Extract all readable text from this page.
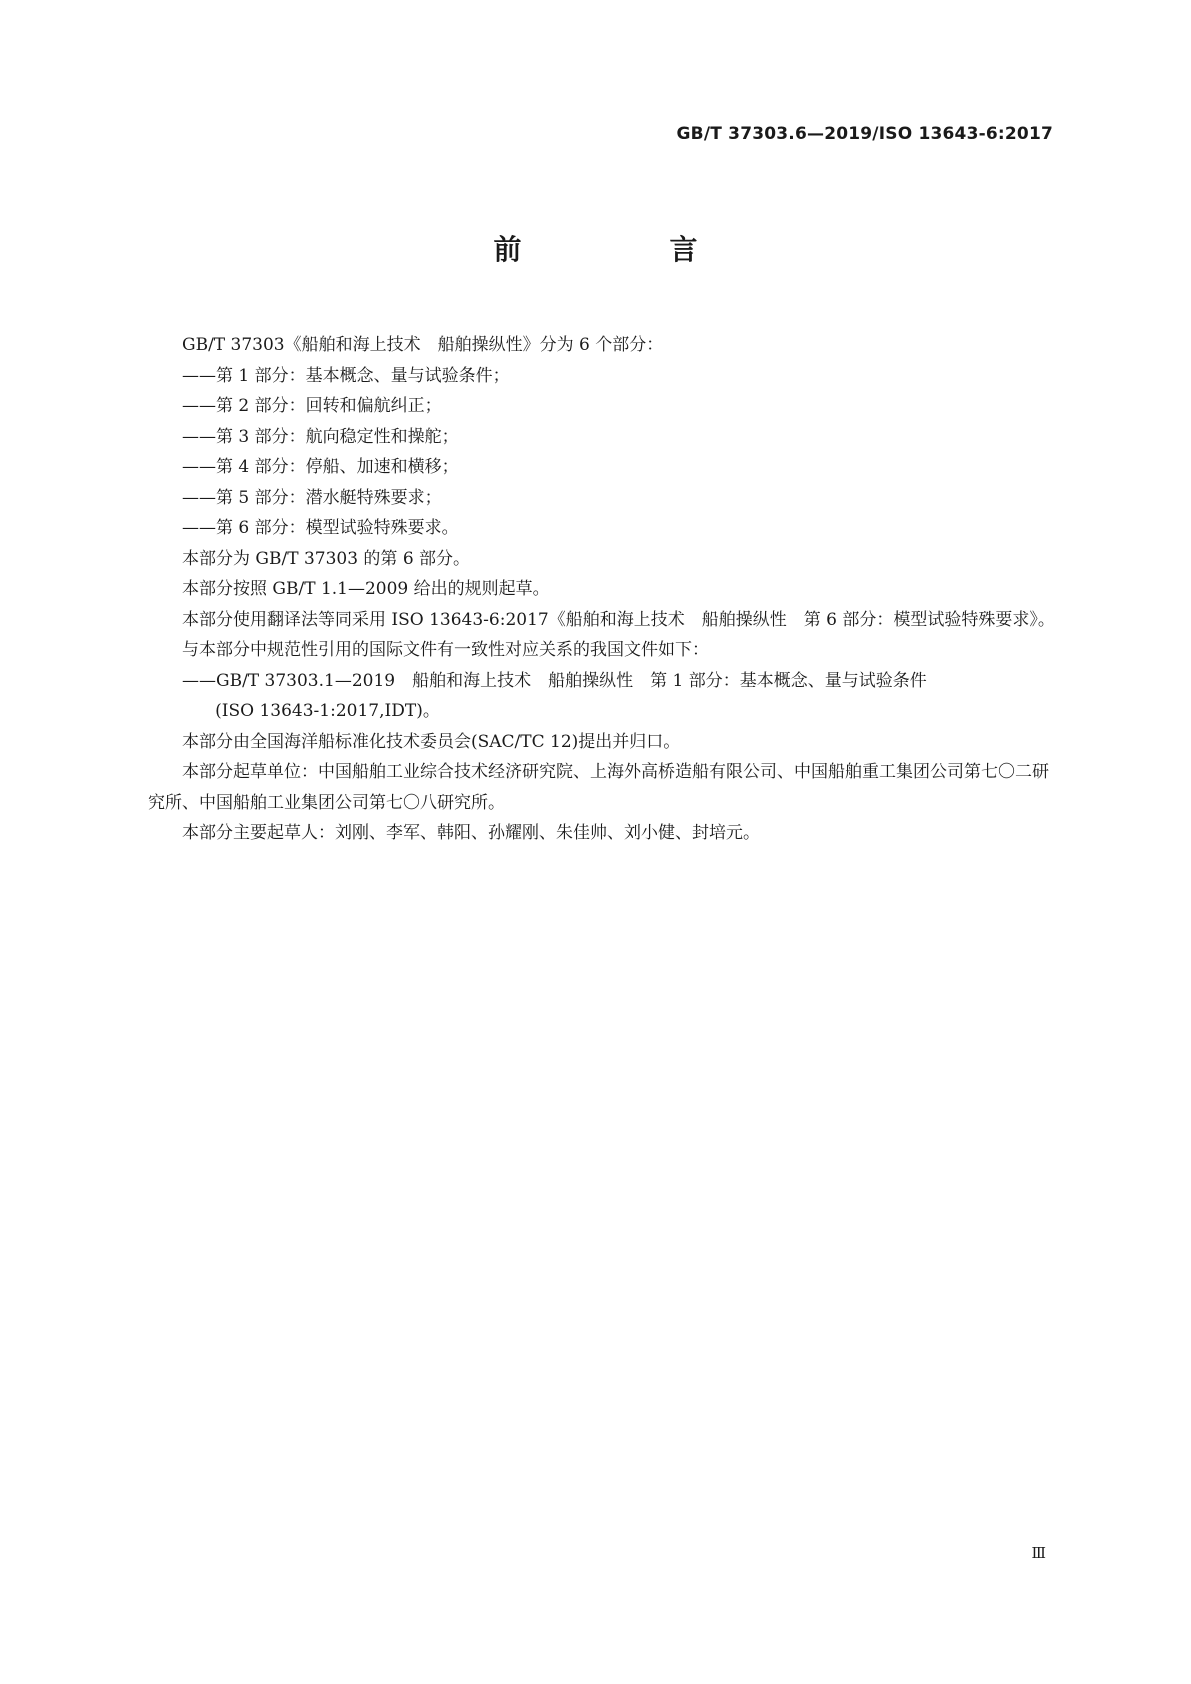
GB/T 37303.6—2019/ISO 13643-6:2017
前　言

GB/T 37303《船舶和海上技术　船舶操纵性》分为 6 个部分：

——第 1 部分：基本概念、量与试验条件；

——第 2 部分：回转和偏航纠正；

——第 3 部分：航向稳定性和操舵；

——第 4 部分：停船、加速和横移；

——第 5 部分：潜水艇特殊要求；

——第 6 部分：模型试验特殊要求。

本部分为 GB/T 37303 的第 6 部分。

本部分按照 GB/T 1.1—2009 给出的规则起草。

本部分使用翻译法等同采用 ISO 13643-6:2017《船舶和海上技术　船舶操纵性　第 6 部分：模型试验特殊要求》。

与本部分中规范性引用的国际文件有一致性对应关系的我国文件如下：

——GB/T 37303.1—2019　船舶和海上技术　船舶操纵性　第 1 部分：基本概念、量与试验条件
(ISO 13643-1:2017,IDT)。

本部分由全国海洋船标准化技术委员会(SAC/TC 12)提出并归口。

本部分起草单位：中国船舶工业综合技术经济研究院、上海外高桥造船有限公司、中国船舶重工集团公司第七〇二研究所、中国船舶工业集团公司第七〇八研究所。

本部分主要起草人：刘刚、李军、韩阳、孙耀刚、朱佳帅、刘小健、封培元。

Ⅲ
